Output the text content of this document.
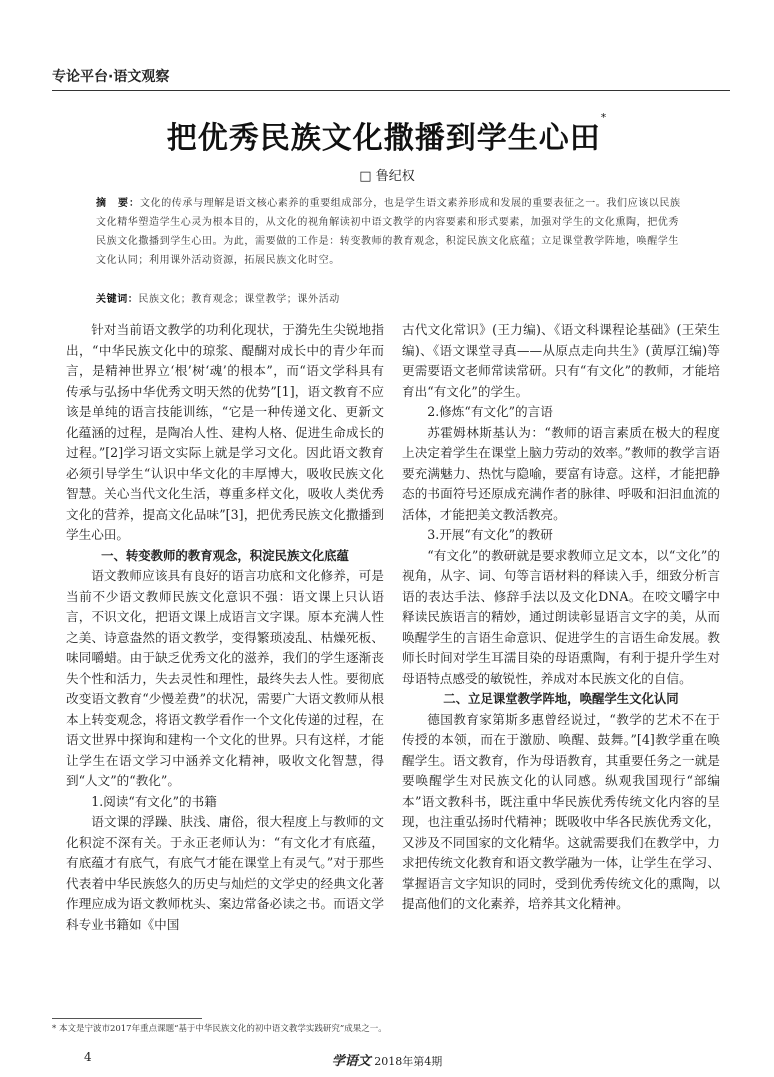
专论平台·语文观察
把优秀民族文化撒播到学生心田*
□ 鲁纪权
摘　要：文化的传承与理解是语文核心素养的重要组成部分，也是学生语文素养形成和发展的重要表征之一。我们应该以民族文化精华塑造学生心灵为根本目的，从文化的视角解读初中语文教学的内容要素和形式要素，加强对学生的文化熏陶，把优秀民族文化撒播到学生心田。为此，需要做的工作是：转变教师的教育观念，积淀民族文化底蕴；立足课堂教学阵地，唤醒学生文化认同；利用课外活动资源，拓展民族文化时空。
关键词：民族文化；教育观念；课堂教学；课外活动

针对当前语文教学的功利化现状，于漪先生尖锐地指出，“中华民族文化中的琼浆、醍醐对成长中的青少年而言，是精神世界立‘根’树‘魂’的根本”，而“语文学科具有传承与弘扬中华优秀文明天然的优势”[1]，语文教育不应该是单纯的语言技能训练，“它是一种传递文化、更新文化蕴涵的过程，是陶冶人性、建构人格、促进生命成长的过程。”[2]学习语文实际上就是学习文化。因此语文教育必须引导学生“认识中华文化的丰厚博大，吸收民族文化智慧。关心当代文化生活，尊重多样文化，吸收人类优秀文化的营养，提高文化品味”[3]，把优秀民族文化撒播到学生心田。

一、转变教师的教育观念，积淀民族文化底蕴

语文教师应该具有良好的语言功底和文化修养，可是当前不少语文教师民族文化意识不强：语文课上只认语言，不识文化，把语文课上成语言文字课。原本充满人性之美、诗意盎然的语文教学，变得繁琐凌乱、枯燥死板、味同嚼蜡。由于缺乏优秀文化的滋养，我们的学生逐渐丧失个性和活力，失去灵性和理性，最终失去人性。要彻底改变语文教育“少慢差费”的状况，需要广大语文教师从根本上转变观念，将语文教学看作一个文化传递的过程，在语文世界中探询和建构一个文化的世界。只有这样，才能让学生在语文学习中涵养文化精神，吸收文化智慧，得到“人文”的“教化”。

1.阅读“有文化”的书籍

语文课的浮躁、肤浅、庸俗，很大程度上与教师的文化积淀不深有关。于永正老师认为：“有文化才有底蕴，有底蕴才有底气，有底气才能在课堂上有灵气。”对于那些代表着中华民族悠久的历史与灿烂的文学史的经典文化著作理应成为语文教师枕头、案边常备必读之书。而语文学科专业书籍如《中国

古代文化常识》(王力编)、《语文科课程论基础》(王荣生编)、《语文课堂寻真——从原点走向共生》(黄厚江编)等更需要语文老师常读常研。只有“有文化”的教师，才能培育出“有文化”的学生。

2.修炼“有文化”的言语

苏霍姆林斯基认为：“教师的语言素质在极大的程度上决定着学生在课堂上脑力劳动的效率。”教师的教学言语要充满魅力、热忱与隐喻，要富有诗意。这样，才能把静态的书面符号还原成充满作者的脉律、呼吸和汩汩血流的活体，才能把美文教活教亮。

3.开展“有文化”的教研

“有文化”的教研就是要求教师立足文本，以“文化”的视角，从字、词、句等言语材料的释读入手，细致分析言语的表达手法、修辞手法以及文化DNA。在咬文嚼字中释读民族语言的精妙，通过朗读彰显语言文字的美，从而唤醒学生的言语生命意识、促进学生的言语生命发展。教师长时间对学生耳濡目染的母语熏陶，有利于提升学生对母语特点感受的敏锐性，养成对本民族文化的自信。

二、立足课堂教学阵地，唤醒学生文化认同

德国教育家第斯多惠曾经说过，“教学的艺术不在于传授的本领，而在于激励、唤醒、鼓舞。”[4]教学重在唤醒学生。语文教育，作为母语教育，其重要任务之一就是要唤醒学生对民族文化的认同感。纵观我国现行“部编本”语文教科书，既注重中华民族优秀传统文化内容的呈现，也注重弘扬时代精神；既吸收中华各民族优秀文化，又涉及不同国家的文化精华。这就需要我们在教学中，力求把传统文化教育和语文教学融为一体，让学生在学习、掌握语言文字知识的同时，受到优秀传统文化的熏陶，以提高他们的文化素养，培养其文化精神。

* 本文是宁波市2017年重点课题“基于中华民族文化的初中语文教学实践研究”成果之一。
4	学语文 2018年第4期
